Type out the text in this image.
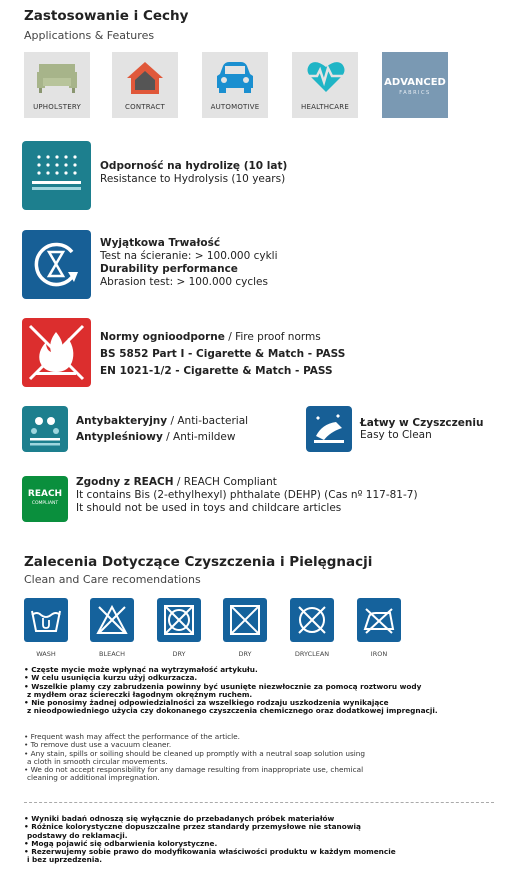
Zastosowanie i Cechy
Applications & Features
UPHOLSTERY	CONTRACT	AUTOMOTIVE	HEALTHCARE
ADVANCED
FABRICS
Odporność na hydrolizę (10 lat)
Resistance to Hydrolysis (10 years)
Wyjątkowa Trwałość
Test na ścieranie: > 100.000 cykli
Durability performance
Abrasion test: > 100.000 cycles
Normy ognioodporne / Fire proof norms
BS 5852 Part I - Cigarette & Match - PASS
EN 1021-1/2 - Cigarette & Match - PASS
Antybakteryjny / Anti-bacterial
Antypleśniowy / Anti-mildew
Łatwy w Czyszczeniu
Easy to Clean
REACH
COMPLIANT
Zgodny z REACH / REACH Compliant
It contains Bis (2-ethylhexyl) phthalate (DEHP) (Cas nº 117-81-7)
It should not be used in toys and childcare articles
Zalecenia Dotyczące Czyszczenia i Pielęgnacji
Clean and Care recomendations
WASH	BLEACH	DRY	DRY	DRYCLEAN	IRON
• Częste mycie może wpłynąć na wytrzymałość artykułu.
• W celu usunięcia kurzu użyj odkurzacza.
• Wszelkie plamy czy zabrudzenia powinny być usunięte niezwłocznie za pomocą roztworu wody
z mydłem oraz ściereczki łagodnym okrężnym ruchem.
• Nie ponosimy żadnej odpowiedzialności za wszelkiego rodzaju uszkodzenia wynikające
z nieodpowiedniego użycia czy dokonanego czyszczenia chemicznego oraz dodatkowej impregnacji.
• Frequent wash may affect the performance of the article.
• To remove dust use a vacuum cleaner.
• Any stain, spills or soiling should be cleaned up promptly with a neutral soap solution using
a cloth in smooth circular movements.
• We do not accept responsibility for any damage resulting from inappropriate use, chemical
cleaning or additional impregnation.
• Wyniki badań odnoszą się wyłącznie do przebadanych próbek materiałów
• Różnice kolorystyczne dopuszczalne przez standardy przemysłowe nie stanowią
podstawy do reklamacji.
• Mogą pojawić się odbarwienia kolorystyczne.
• Rezerwujemy sobie prawo do modyfikowania właściwości produktu w każdym momencie
i bez uprzedzenia.
